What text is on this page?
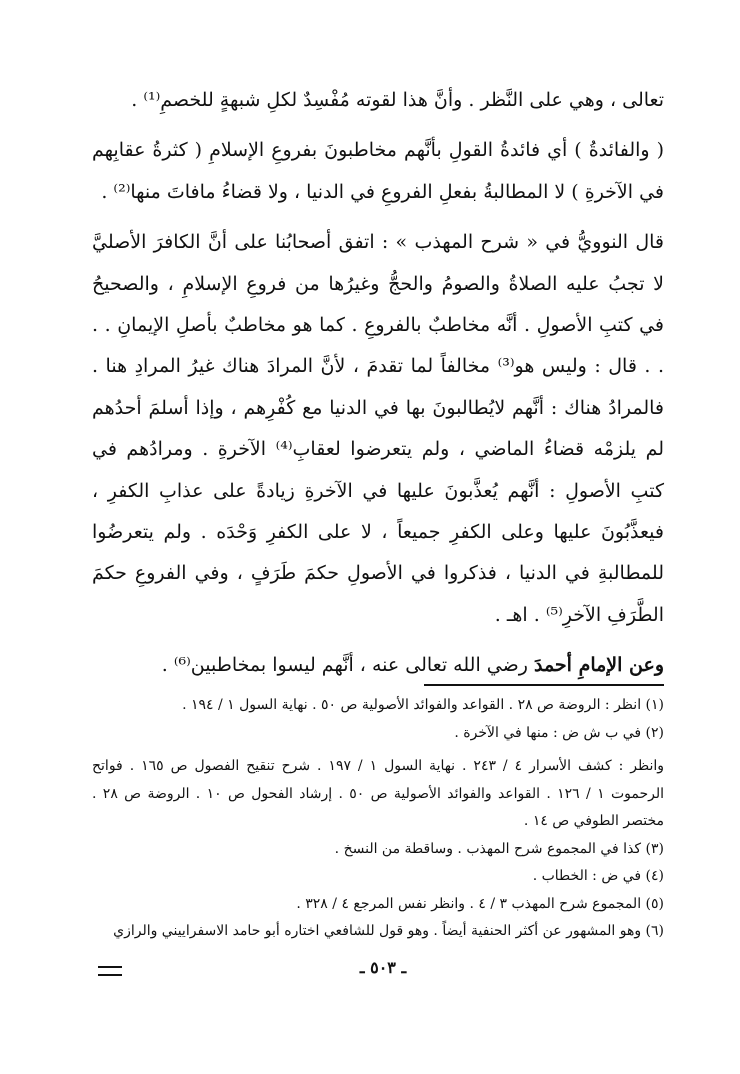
تعالى ، وهي على النَّظر . وأنَّ هذا لقوته مُفْسِدٌ لكلِ شبهةٍ للخصمِ⁽¹⁾ .

( والفائدةُ ) أي فائدةُ القولِ بأنَّهم مخاطبونَ بفروعِ الإسلامِ ( كثرةُ عقابِهم في الآخرةِ ) لا المطالبةُ بفعلِ الفروعِ في الدنيا ، ولا قضاءُ مافاتَ منها⁽²⁾ .

قال النوويُّ في « شرح المهذب » : اتفق أصحابُنا على أنَّ الكافرَ الأصليَّ لا تجبُ عليه الصلاةُ والصومُ والحجُّ وغيرُها من فروعِ الإسلامِ ، والصحيحُ في كتبِ الأصولِ . أنَّه مخاطبٌ بالفروعِ . كما هو مخاطبٌ بأصلِ الإيمانِ . . . . قال : وليس هو⁽³⁾ مخالفاً لما تقدمَ ، لأنَّ المرادَ هناك غيرُ المرادِ هنا . فالمرادُ هناك : أنَّهم لايُطالبونَ بها في الدنيا مع كُفْرِهم ، وإذا أسلمَ أحدُهم لم يلزمْه قضاءُ الماضي ، ولم يتعرضوا لعقابِ⁽⁴⁾ الآخرةِ . ومرادُهم في كتبِ الأصولِ : أنَّهم يُعذَّبونَ عليها في الآخرةِ زيادةً على عذابِ الكفرِ ، فيعذَّبُونَ عليها وعلى الكفرِ جميعاً ، لا على الكفرِ وَحْدَه . ولم يتعرضُوا للمطالبةِ في الدنيا ، فذكروا في الأصولِ حكمَ طَرَفٍ ، وفي الفروعِ حكمَ الطَّرَفِ الآخرِ⁽⁵⁾ . اهـ .

وعن الإمامِ أحمدَ رضي الله تعالى عنه ، أنَّهم ليسوا بمخاطبين⁽⁶⁾ .

(١) انظر : الروضة ص ٢٨ . القواعد والفوائد الأصولية ص ٥٠ . نهاية السول ١ / ١٩٤ .

(٢) في ب ش ض : منها في الآخرة .

وانظر : كشف الأسرار ٤ / ٢٤٣ . نهاية السول ١ / ١٩٧ . شرح تنقيح الفصول ص ١٦٥ . فواتح الرحموت ١ / ١٢٦ . القواعد والفوائد الأصولية ص ٥٠ . إرشاد الفحول ص ١٠ . الروضة ص ٢٨ . مختصر الطوفي ص ١٤ .

(٣) كذا في المجموع شرح المهذب . وساقطة من النسخ .

(٤) في ض : الخطاب .

(٥) المجموع شرح المهذب ٣ / ٤ . وانظر نفس المرجع ٤ / ٣٢٨ .

(٦) وهو المشهور عن أكثر الحنفية أيضاً . وهو قول للشافعي اختاره أبو حامد الاسفراييني والرازي

ـ ٥٠٣ ـ
